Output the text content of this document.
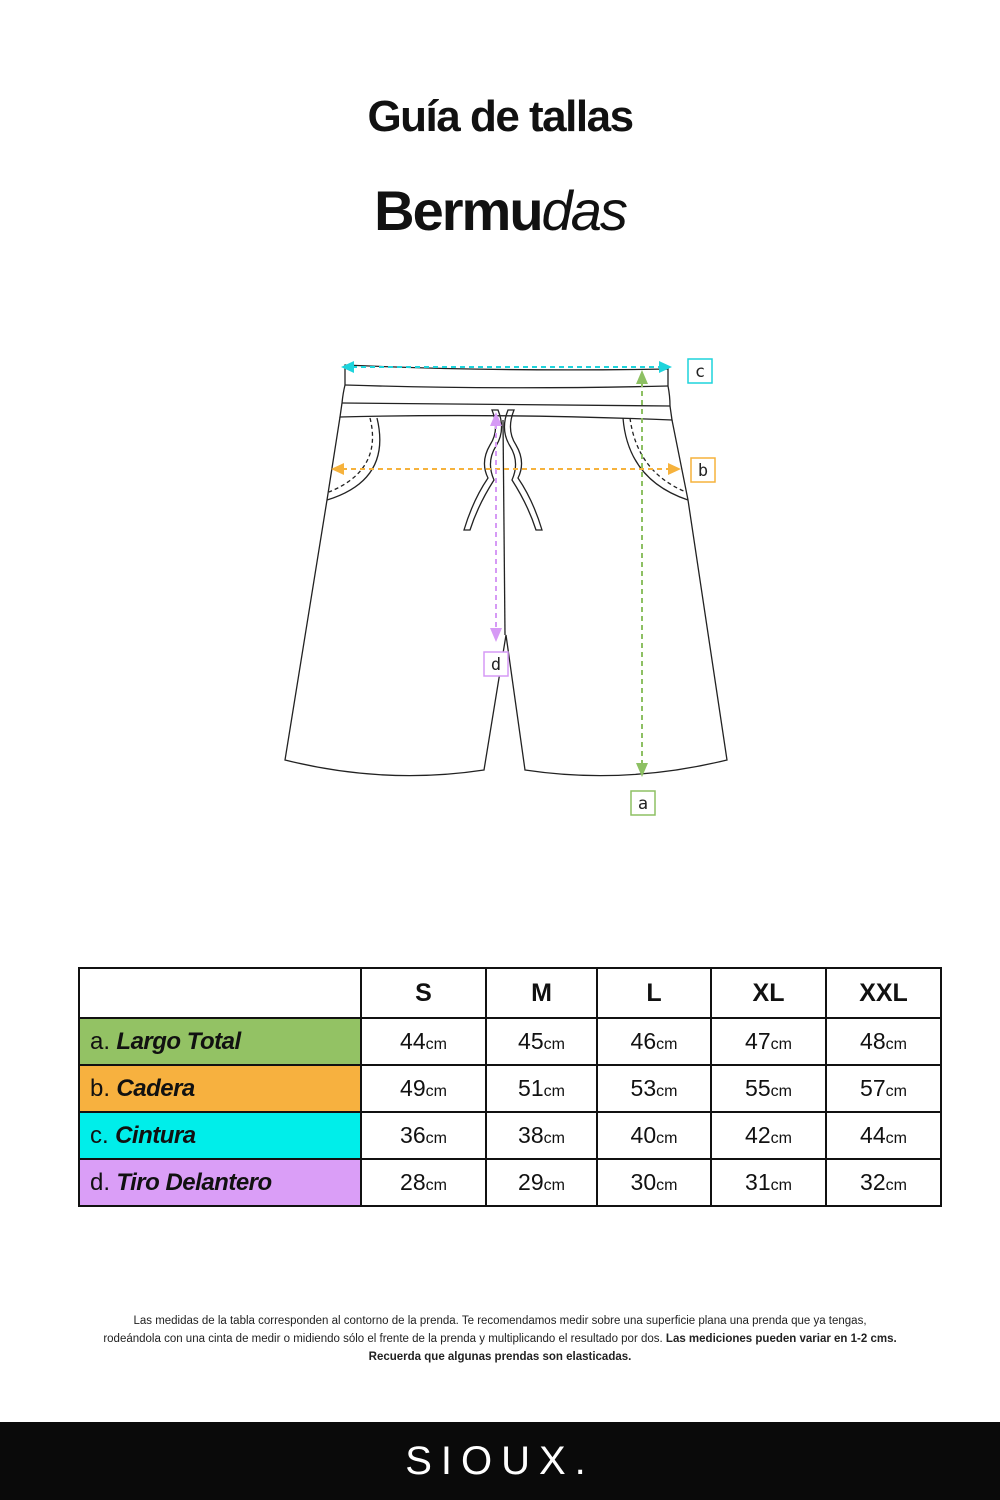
Guía de tallas
Bermudas
c
b
a
d
	S	M	L	XL	XXL
a. Largo Total	44cm	45cm	46cm	47cm	48cm
b. Cadera	49cm	51cm	53cm	55cm	57cm
c. Cintura	36cm	38cm	40cm	42cm	44cm
d. Tiro Delantero	28cm	29cm	30cm	31cm	32cm
Las medidas de la tabla corresponden al contorno de la prenda. Te recomendamos medir sobre una superficie plana una prenda que ya tengas,
rodeándola con una cinta de medir o midiendo sólo el frente de la prenda y multiplicando el resultado por dos. Las mediciones pueden variar en 1-2 cms.
Recuerda que algunas prendas son elasticadas.
SIOUX.
